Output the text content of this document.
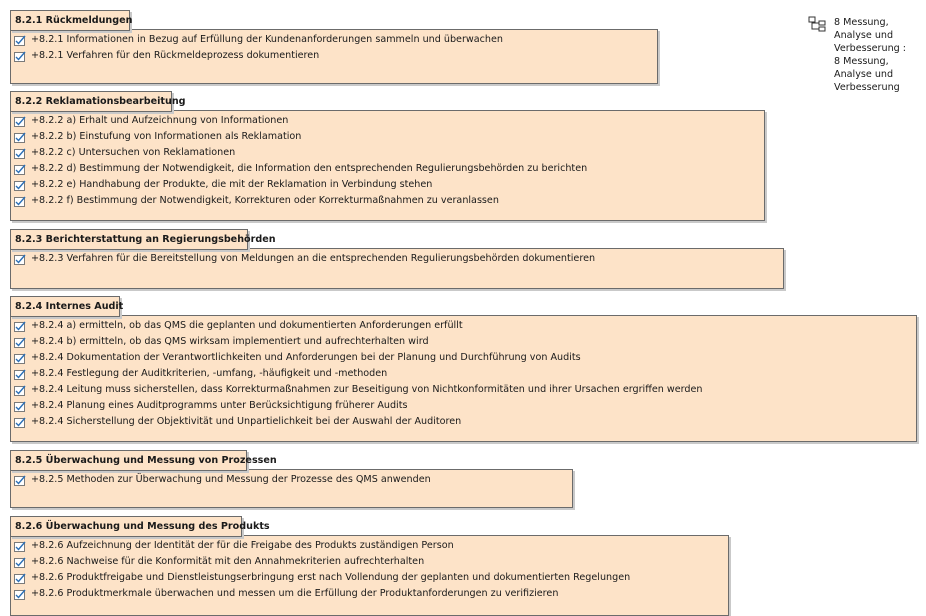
+8.2.1 Informationen in Bezug auf Erfüllung der Kundenanforderungen sammeln und überwachen
+8.2.1 Verfahren für den Rückmeldeprozess dokumentieren
8.2.1 Rückmeldungen
+8.2.2 a) Erhalt und Aufzeichnung von Informationen
+8.2.2 b) Einstufung von Informationen als Reklamation
+8.2.2 c) Untersuchen von Reklamationen
+8.2.2 d) Bestimmung der Notwendigkeit, die Information den entsprechenden Regulierungsbehörden zu berichten
+8.2.2 e) Handhabung der Produkte, die mit der Reklamation in Verbindung stehen
+8.2.2 f) Bestimmung der Notwendigkeit, Korrekturen oder Korrekturmaßnahmen zu veranlassen
8.2.2 Reklamationsbearbeitung
+8.2.3 Verfahren für die Bereitstellung von Meldungen an die entsprechenden Regulierungsbehörden dokumentieren
8.2.3 Berichterstattung an Regierungsbehörden
+8.2.4 a) ermitteln, ob das QMS die geplanten und dokumentierten Anforderungen erfüllt
+8.2.4 b) ermitteln, ob das QMS wirksam implementiert und aufrechterhalten wird
+8.2.4 Dokumentation der Verantwortlichkeiten und Anforderungen bei der Planung und Durchführung von Audits
+8.2.4 Festlegung der Auditkriterien, -umfang, -häufigkeit und -methoden
+8.2.4 Leitung muss sicherstellen, dass Korrekturmaßnahmen zur Beseitigung von Nichtkonformitäten und ihrer Ursachen ergriffen werden
+8.2.4 Planung eines Auditprogramms unter Berücksichtigung früherer Audits
+8.2.4 Sicherstellung der Objektivität und Unpartielichkeit bei der Auswahl der Auditoren
8.2.4 Internes Audit
+8.2.5 Methoden zur Überwachung und Messung der Prozesse des QMS anwenden
8.2.5 Überwachung und Messung von Prozessen
+8.2.6 Aufzeichnung der Identität der für die Freigabe des Produkts zuständigen Person
+8.2.6 Nachweise für die Konformität mit den Annahmekriterien aufrechterhalten
+8.2.6 Produktfreigabe und Dienstleistungserbringung erst nach Vollendung der geplanten und dokumentierten Regelungen
+8.2.6 Produktmerkmale überwachen und messen um die Erfüllung der Produktanforderungen zu verifizieren
8.2.6 Überwachung und Messung des Produkts
8 Messung,
Analyse und
Verbesserung :
8 Messung,
Analyse und
Verbesserung
